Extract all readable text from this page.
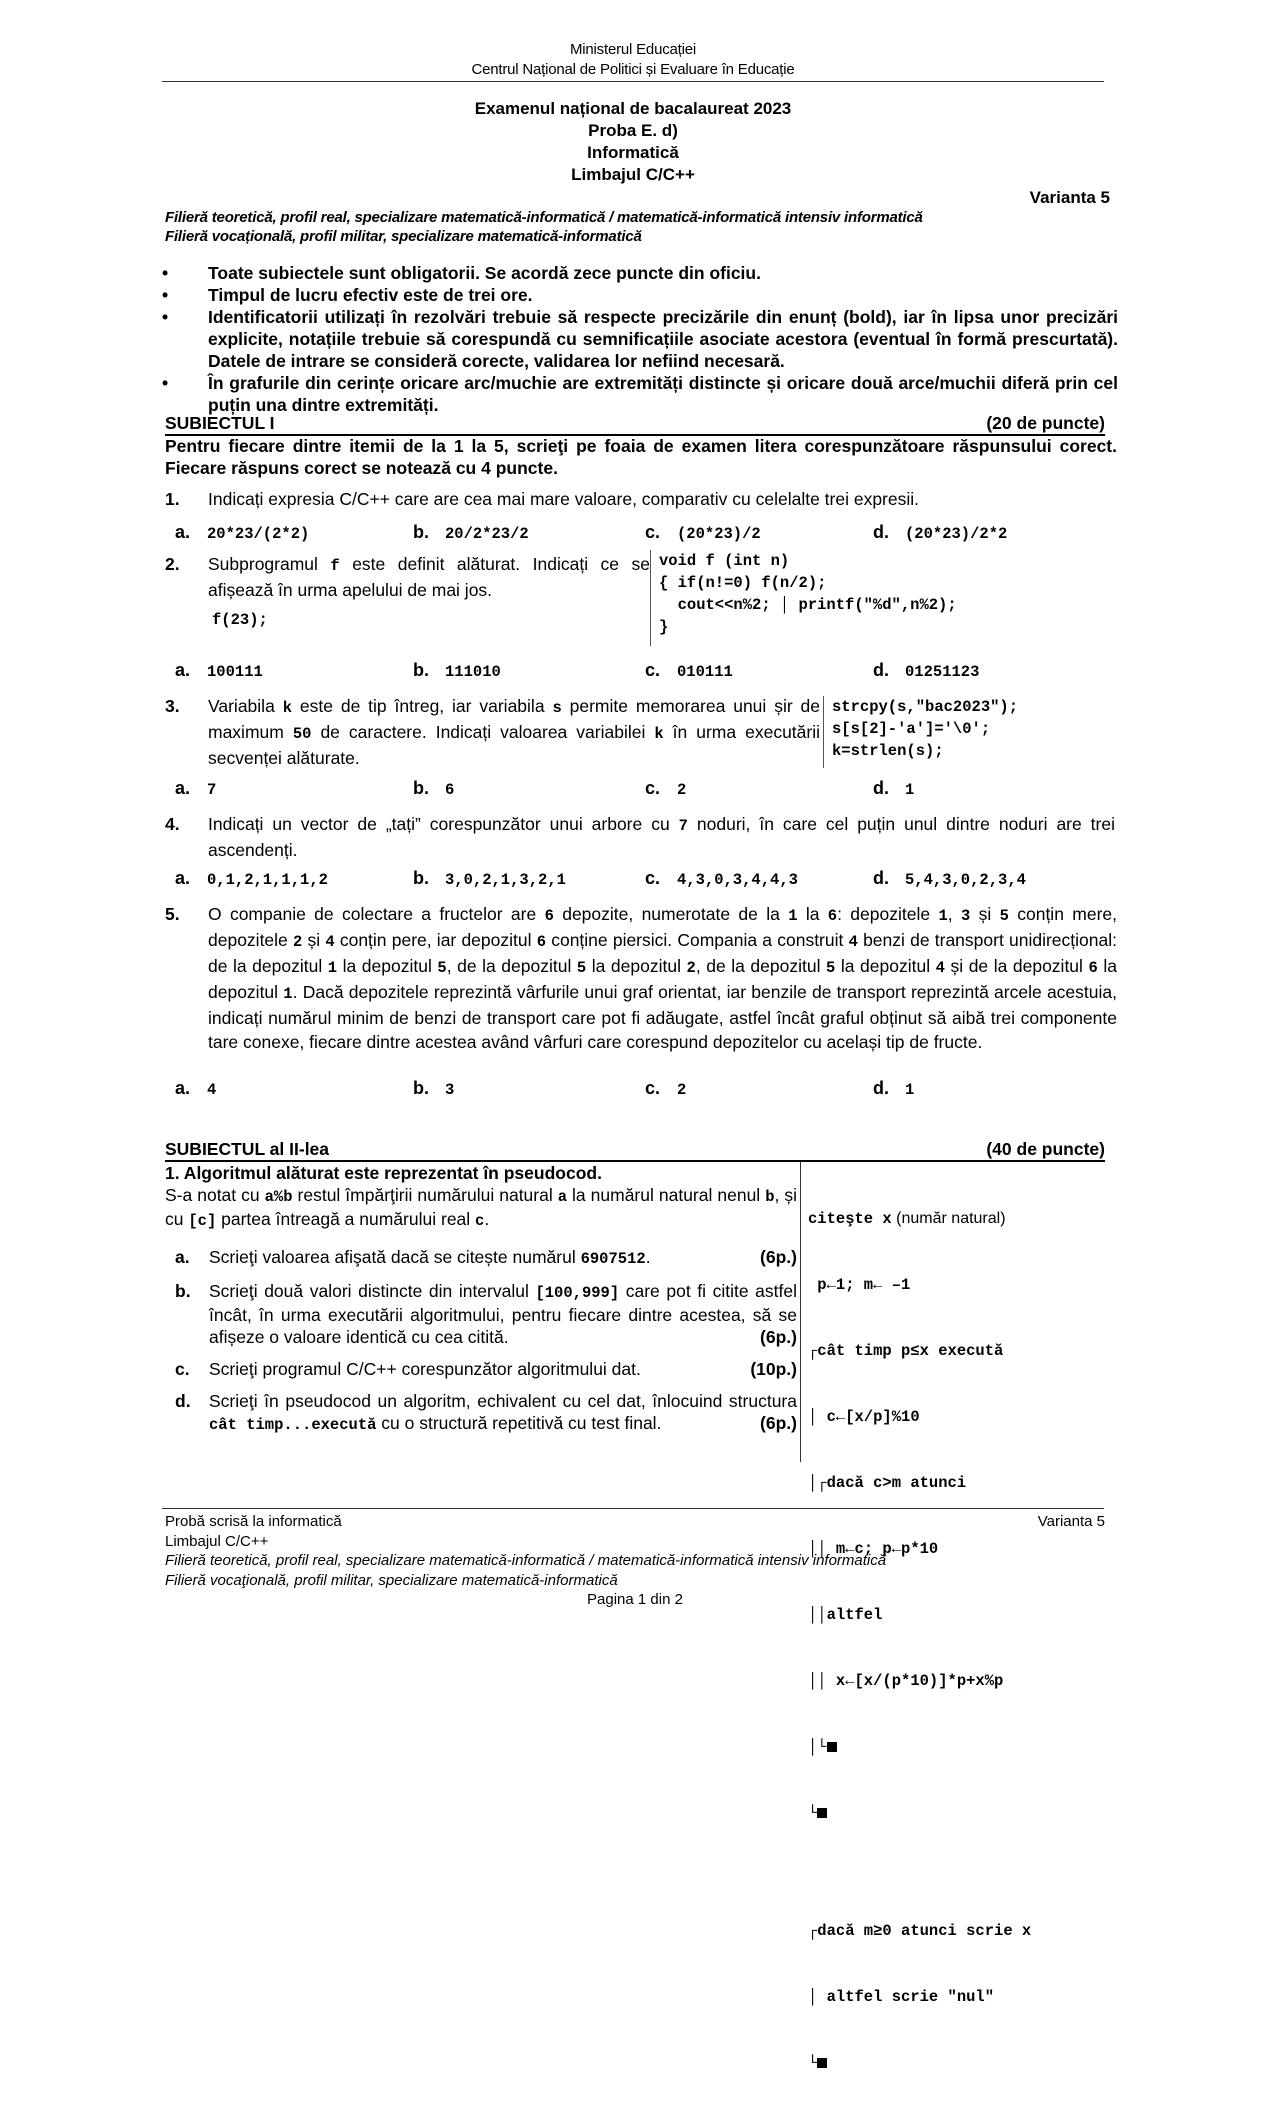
Ministerul Educației
Centrul Național de Politici și Evaluare în Educație
Examenul național de bacalaureat 2023
Proba E. d)
Informatică
Limbajul C/C++
Varianta 5
Filieră teoretică, profil real, specializare matematică-informatică / matematică-informatică intensiv informatică
Filieră vocațională, profil militar, specializare matematică-informatică
•	Toate subiectele sunt obligatorii. Se acordă zece puncte din oficiu.
•	Timpul de lucru efectiv este de trei ore.
•	Identificatorii utilizați în rezolvări trebuie să respecte precizările din enunț (bold), iar în lipsa unor precizări explicite, notațiile trebuie să corespundă cu semnificațiile asociate acestora (eventual în formă prescurtată). Datele de intrare se consideră corecte, validarea lor nefiind necesară.
•	În grafurile din cerințe oricare arc/muchie are extremități distincte și oricare două arce/muchii diferă prin cel puțin una dintre extremități.
SUBIECTUL I	(20 de puncte)
Pentru fiecare dintre itemii de la 1 la 5, scrieţi pe foaia de examen litera corespunzătoare răspunsului corect. Fiecare răspuns corect se notează cu 4 puncte.
1.	Indicați expresia C/C++ care are cea mai mare valoare, comparativ cu celelalte trei expresii.
a.	20*23/(2*2)	b.	20/2*23/2	c.	(20*23)/2	d.	(20*23)/2*2
2.	Subprogramul f este definit alăturat. Indicați ce se afișează în urma apelului de mai jos.
f(23);
void f (int n)
{ if(n!=0) f(n/2);
cout<<n%2; │ printf("%d",n%2);
}
a.	100111	b.	111010	c.	010111	d.	01251123
3.	Variabila k este de tip întreg, iar variabila s permite memorarea unui șir de maximum 50 de caractere. Indicați valoarea variabilei k în urma executării secvenței alăturate.
strcpy(s,"bac2023");
s[s[2]-'a']='\0';
k=strlen(s);
a.	7	b.	6	c.	2	d.	1
4.	Indicați un vector de „tați” corespunzător unui arbore cu 7 noduri, în care cel puțin unul dintre noduri are trei ascendenți.
a.	0,1,2,1,1,1,2	b.	3,0,2,1,3,2,1	c.	4,3,0,3,4,4,3	d.	5,4,3,0,2,3,4
5.	O companie de colectare a fructelor are 6 depozite, numerotate de la 1 la 6: depozitele 1, 3 și 5 conțin mere, depozitele 2 și 4 conțin pere, iar depozitul 6 conține piersici. Compania a construit 4 benzi de transport unidirecțional: de la depozitul 1 la depozitul 5, de la depozitul 5 la depozitul 2, de la depozitul 5 la depozitul 4 și de la depozitul 6 la depozitul 1. Dacă depozitele reprezintă vârfurile unui graf orientat, iar benzile de transport reprezintă arcele acestuia, indicați numărul minim de benzi de transport care pot fi adăugate, astfel încât graful obținut să aibă trei componente tare conexe, fiecare dintre acestea având vârfuri care corespund depozitelor cu același tip de fructe.
a.	4	b.	3	c.	2	d.	1
SUBIECTUL al II-lea	(40 de puncte)
1. Algoritmul alăturat este reprezentat în pseudocod.
S-a notat cu a%b restul împărţirii numărului natural a la numărul natural nenul b, și cu [c] partea întreagă a numărului real c.
a.	Scrieţi valoarea afişată dacă se citește numărul 6907512.	(6p.)
b.	Scrieţi două valori distincte din intervalul [100,999] care pot fi citite astfel încât, în urma executării algoritmului, pentru fiecare dintre acestea, să se afișeze o valoare identică cu cea citită.	(6p.)
c.	Scrieţi programul C/C++ corespunzător algoritmului dat.	(10p.)
d.	Scrieţi în pseudocod un algoritm, echivalent cu cel dat, înlocuind structura cât timp...execută cu o structură repetitivă cu test final.	(6p.)

citeşte x (număr natural)

p←1; m← –1

┌cât timp p≤x execută

│ c←[x/p]%10

│┌dacă c>m atunci

││ m←c; p←p*10

││altfel

││ x←[x/(p*10)]*p+x%p

│└

└

┌dacă m≥0 atunci scrie x

│ altfel scrie "nul"

└

Probă scrisă la informatică	Varianta 5
Limbajul C/C++
Filieră teoretică, profil real, specializare matematică-informatică / matematică-informatică intensiv informatică
Filieră vocaţională, profil militar, specializare matematică-informatică
Pagina 1 din 2
